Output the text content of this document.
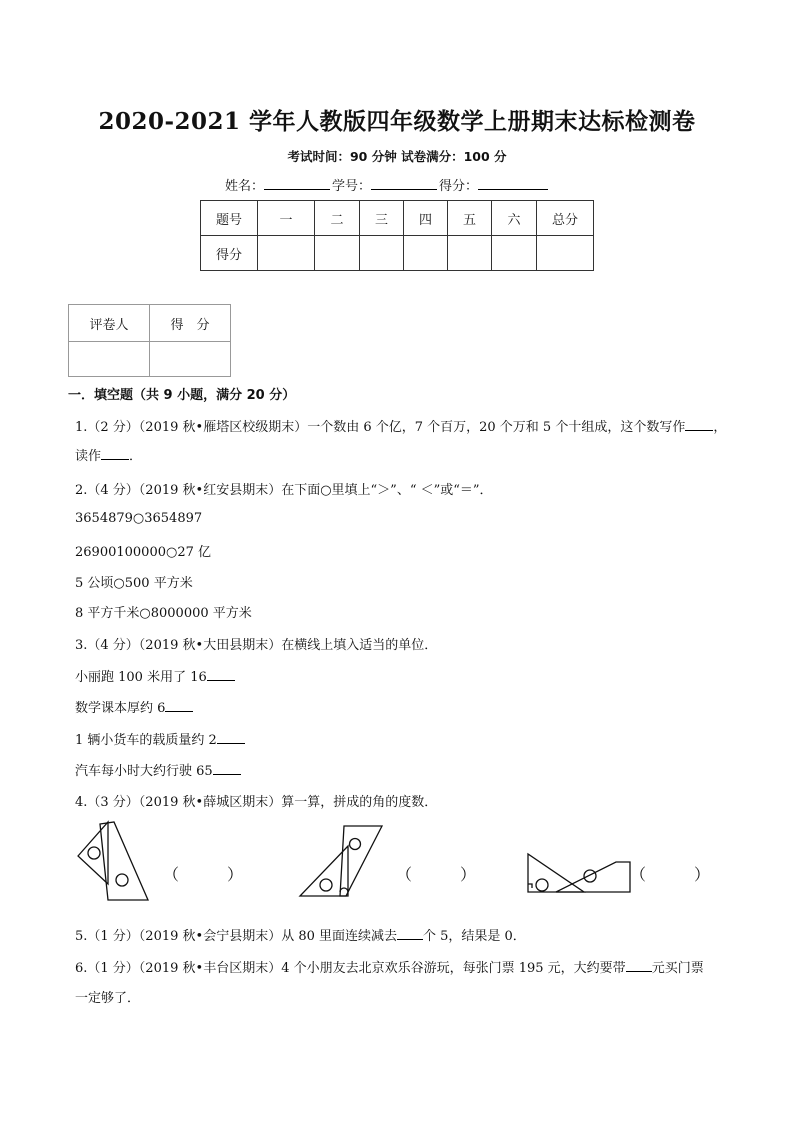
2020-2021 学年人教版四年级数学上册期末达标检测卷
考试时间：90 分钟 试卷满分：100 分
姓名：	学号：	得分：
题号	一	二	三	四	五	六	总分
得分							
评卷人	得　分

一．填空题（共 9 小题，满分 20 分）
1.（2 分）（2019 秋•雁塔区校级期末）一个数由 6 个亿，7 个百万，20 个万和 5 个十组成，这个数写作 ，
读作 ．
2.（4 分）（2019 秋•红安县期末）在下面○里填上“＞”、“ ＜”或“＝”．
3654879○3654897
26900100000○27 亿
5 公顷○500 平方米
8 平方千米○8000000 平方米
3.（4 分）（2019 秋•大田县期末）在横线上填入适当的单位．
小丽跑 100 米用了 16
数学课本厚约 6
1 辆小货车的载质量约 2
汽车每小时大约行驶 65
4.（3 分）（2019 秋•薛城区期末）算一算，拼成的角的度数．
（　　　）	（　　　）	（　　　）
5.（1 分）（2019 秋•会宁县期末）从 80 里面连续减去 个 5，结果是 0．
6.（1 分）（2019 秋•丰台区期末）4 个小朋友去北京欢乐谷游玩，每张门票 195 元，大约要带 元买门票
一定够了．
